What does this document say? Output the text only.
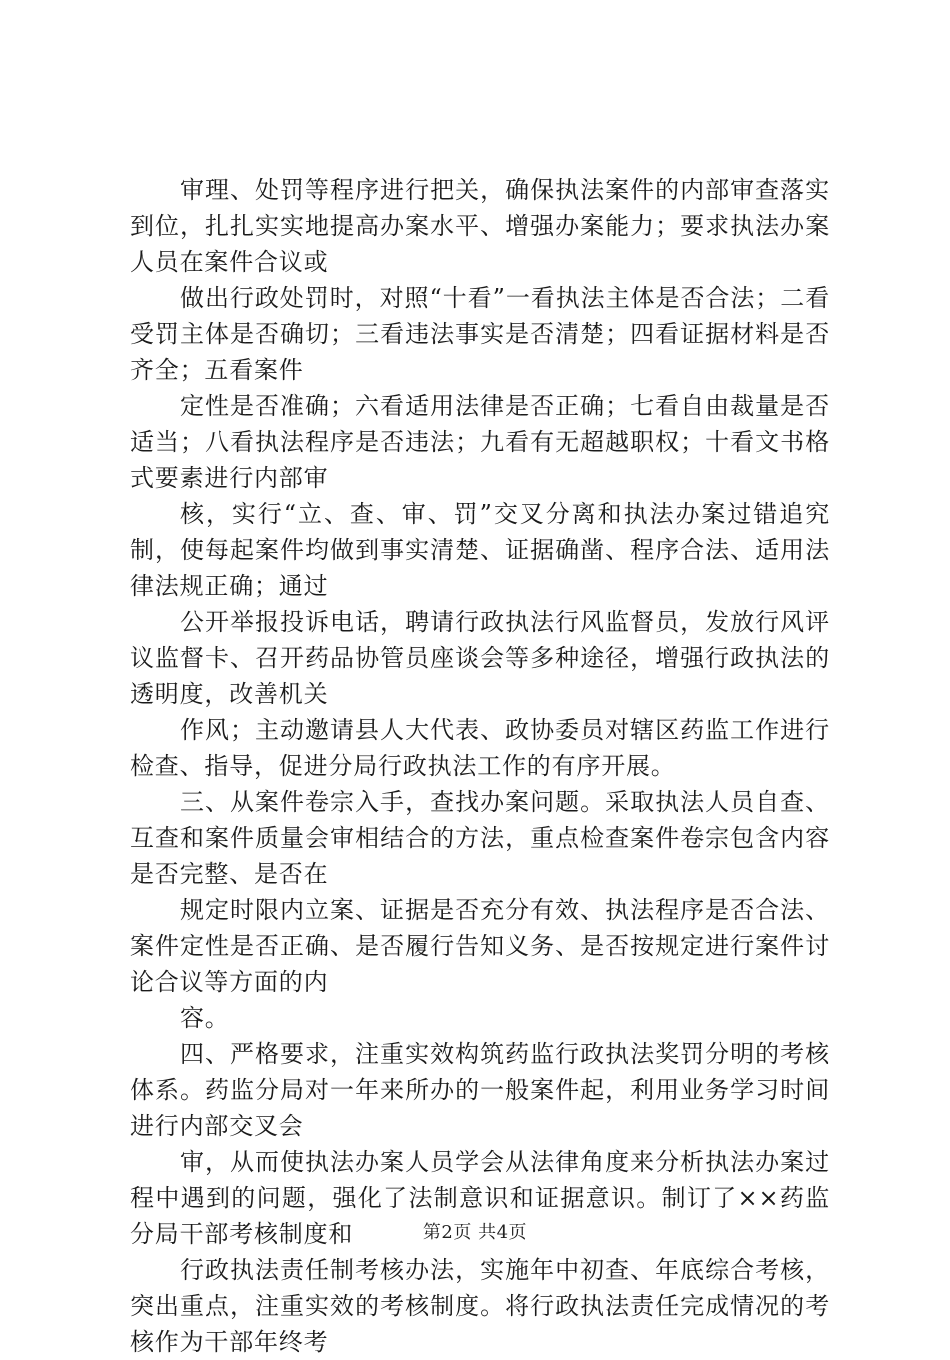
审理、处罚等程序进行把关，确保执法案件的内部审查落实到位，扎扎实实地提高办案水平、增强办案能力；要求执法办案人员在案件合议或

做出行政处罚时，对照“十看”一看执法主体是否合法；二看受罚主体是否确切；三看违法事实是否清楚；四看证据材料是否齐全；五看案件

定性是否准确；六看适用法律是否正确；七看自由裁量是否适当；八看执法程序是否违法；九看有无超越职权；十看文书格式要素进行内部审

核，实行“立、查、审、罚”交叉分离和执法办案过错追究制，使每起案件均做到事实清楚、证据确凿、程序合法、适用法律法规正确；通过

公开举报投诉电话，聘请行政执法行风监督员，发放行风评议监督卡、召开药品协管员座谈会等多种途径，增强行政执法的透明度，改善机关

作风；主动邀请县人大代表、政协委员对辖区药监工作进行检查、指导，促进分局行政执法工作的有序开展。

三、从案件卷宗入手，查找办案问题。采取执法人员自查、互查和案件质量会审相结合的方法，重点检查案件卷宗包含内容是否完整、是否在

规定时限内立案、证据是否充分有效、执法程序是否合法、案件定性是否正确、是否履行告知义务、是否按规定进行案件讨论合议等方面的内

容。

四、严格要求，注重实效构筑药监行政执法奖罚分明的考核体系。药监分局对一年来所办的一般案件起，利用业务学习时间进行内部交叉会

审，从而使执法办案人员学会从法律角度来分析执法办案过程中遇到的问题，强化了法制意识和证据意识。制订了××药监分局干部考核制度和

行政执法责任制考核办法，实施年中初查、年底综合考核，突出重点，注重实效的考核制度。将行政执法责任完成情况的考核作为干部年终考

第2页 共4页
